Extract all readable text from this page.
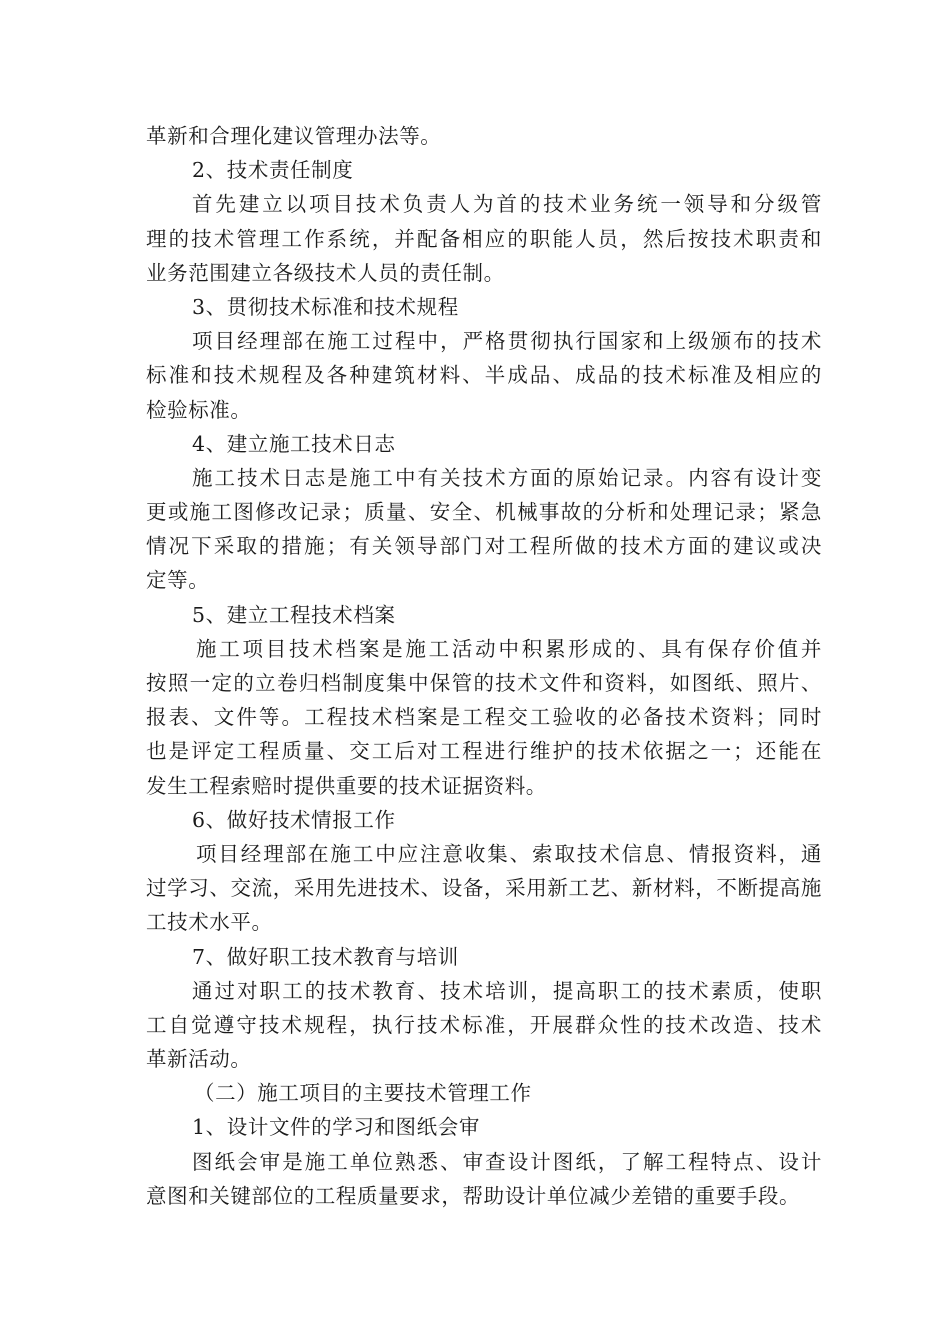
革新和合理化建议管理办法等。
2、技术责任制度
首先建立以项目技术负责人为首的技术业务统一领导和分级管
理的技术管理工作系统，并配备相应的职能人员，然后按技术职责和
业务范围建立各级技术人员的责任制。
3、贯彻技术标准和技术规程
项目经理部在施工过程中，严格贯彻执行国家和上级颁布的技术
标准和技术规程及各种建筑材料、半成品、成品的技术标准及相应的
检验标准。
4、建立施工技术日志
施工技术日志是施工中有关技术方面的原始记录。内容有设计变
更或施工图修改记录；质量、安全、机械事故的分析和处理记录；紧急
情况下采取的措施；有关领导部门对工程所做的技术方面的建议或决
定等。
5、建立工程技术档案
施工项目技术档案是施工活动中积累形成的、具有保存价值并
按照一定的立卷归档制度集中保管的技术文件和资料，如图纸、照片、
报表、文件等。工程技术档案是工程交工验收的必备技术资料；同时
也是评定工程质量、交工后对工程进行维护的技术依据之一；还能在
发生工程索赔时提供重要的技术证据资料。
6、做好技术情报工作
项目经理部在施工中应注意收集、索取技术信息、情报资料，通
过学习、交流，采用先进技术、设备，采用新工艺、新材料，不断提高施
工技术水平。
7、做好职工技术教育与培训
通过对职工的技术教育、技术培训，提高职工的技术素质，使职
工自觉遵守技术规程，执行技术标准，开展群众性的技术改造、技术
革新活动。
（二）施工项目的主要技术管理工作
1、设计文件的学习和图纸会审
图纸会审是施工单位熟悉、审查设计图纸，了解工程特点、设计
意图和关键部位的工程质量要求，帮助设计单位减少差错的重要手段。
